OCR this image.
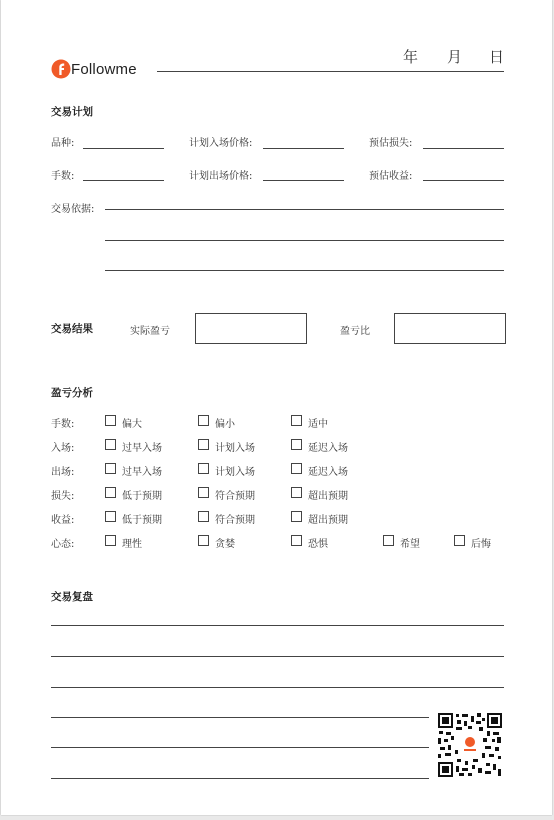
Followme
年 月 日
交易计划
品种:	计划入场价格:	预估损失:
手数:	计划出场价格:	预估收益:
交易依据:
交易结果	实际盈亏	盈亏比
盈亏分析
手数:	偏大	偏小	适中
入场:	过早入场	计划入场	延迟入场
出场:	过早入场	计划入场	延迟入场
损失:	低于预期	符合预期	超出预期
收益:	低于预期	符合预期	超出预期
心态:	理性	贪婪	恐惧	希望	后悔
交易复盘
